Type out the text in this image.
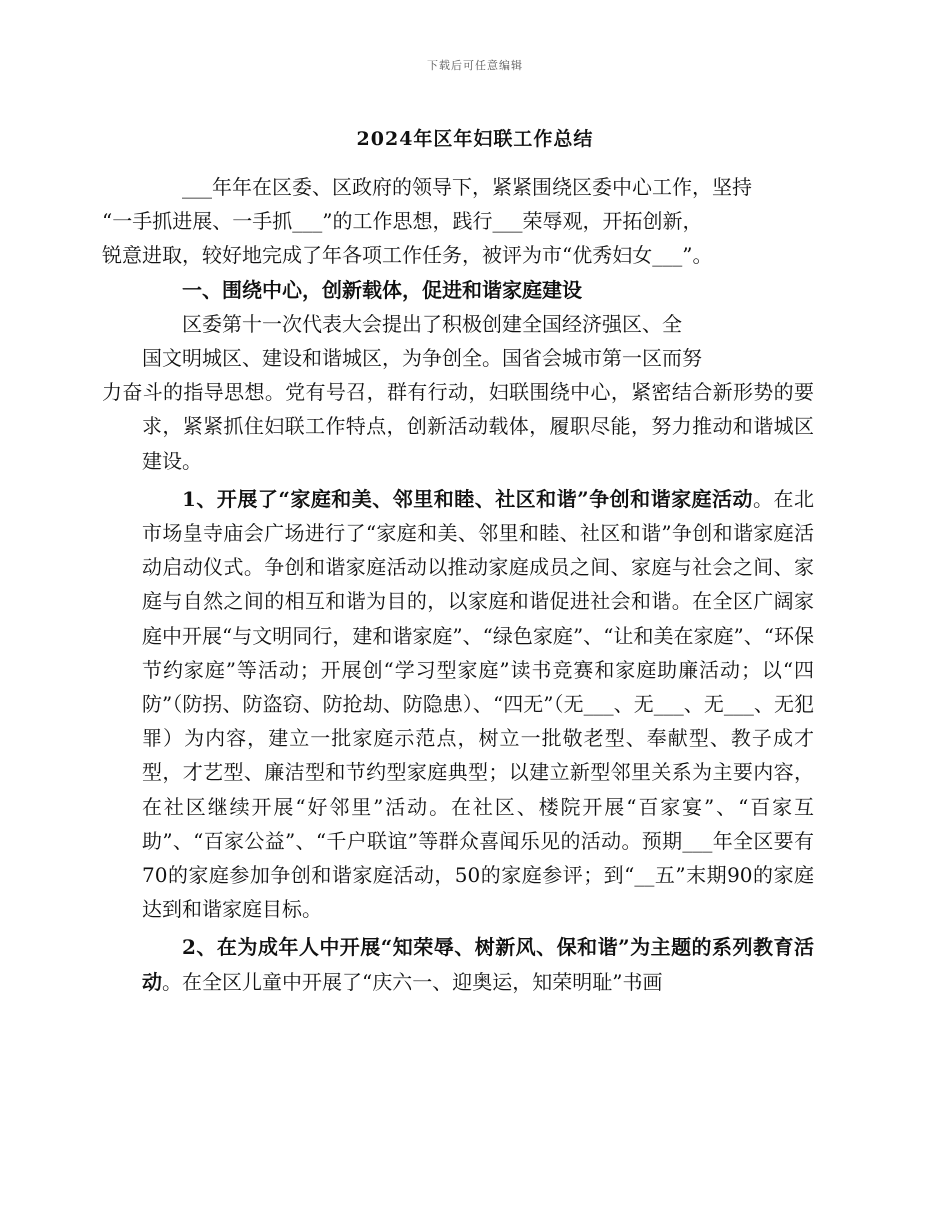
下载后可任意编辑
2024年区年妇联工作总结

___年年在区委、区政府的领导下，紧紧围绕区委中心工作，坚持
“一手抓进展、一手抓___”的工作思想，践行___荣辱观，开拓创新，
锐意进取，较好地完成了年各项工作任务，被评为市“优秀妇女___”。

一、围绕中心，创新载体，促进和谐家庭建设

区委第十一次代表大会提出了积极创建全国经济强区、全
国文明城区、建设和谐城区，为争创全。国省会城市第一区而努
力奋斗的指导思想。党有号召，群有行动，妇联围绕中心，紧密结合新形势的要求，紧紧抓住妇联工作特点，创新活动载体，履职尽能，努力推动和谐城区建设。

1、开展了“家庭和美、邻里和睦、社区和谐”争创和谐家庭活动。在北市场皇寺庙会广场进行了“家庭和美、邻里和睦、社区和谐”争创和谐家庭活动启动仪式。争创和谐家庭活动以推动家庭成员之间、家庭与社会之间、家庭与自然之间的相互和谐为目的，以家庭和谐促进社会和谐。在全区广阔家庭中开展“与文明同行，建和谐家庭”、“绿色家庭”、“让和美在家庭”、“环保节约家庭”等活动；开展创“学习型家庭”读书竞赛和家庭助廉活动；以“四防”（防拐、防盗窃、防抢劫、防隐患）、“四无”（无___、无___、无___、无犯罪）为内容，建立一批家庭示范点，树立一批敬老型、奉献型、教子成才型，才艺型、廉洁型和节约型家庭典型；以建立新型邻里关系为主要内容，在社区继续开展“好邻里”活动。在社区、楼院开展“百家宴”、“百家互助”、“百家公益”、“千户联谊”等群众喜闻乐见的活动。预期___年全区要有70的家庭参加争创和谐家庭活动，50的家庭参评；到“__五”末期90的家庭达到和谐家庭目标。

2、在为成年人中开展“知荣辱、树新风、保和谐”为主题的系列教育活动。在全区儿童中开展了“庆六一、迎奥运，知荣明耻”书画
